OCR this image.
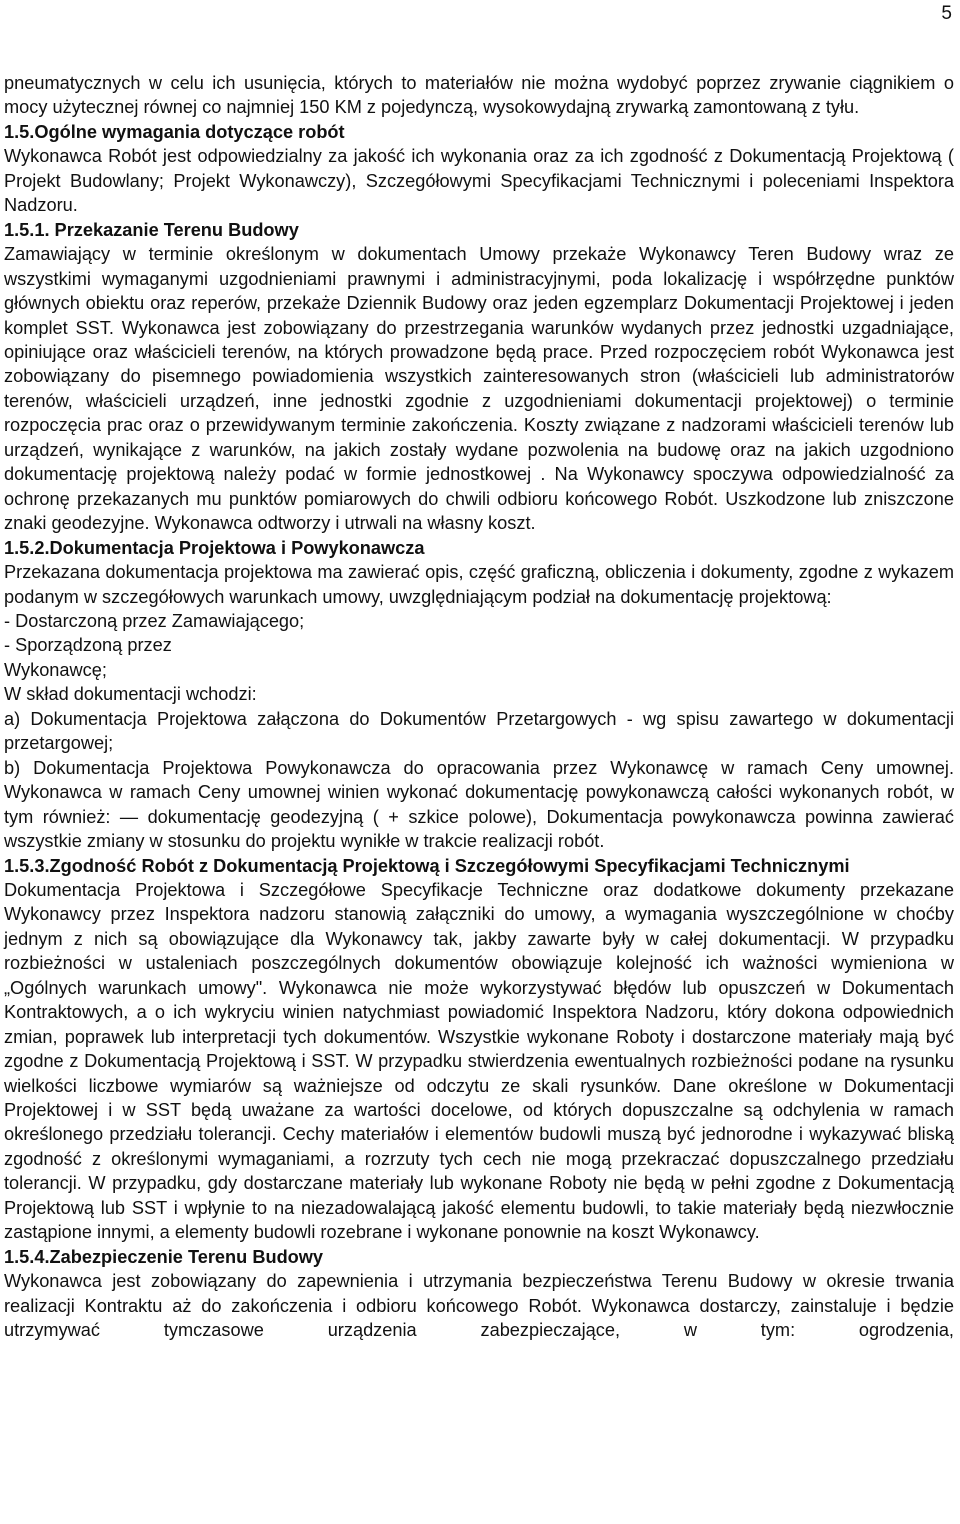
5

pneumatycznych w celu ich usunięcia, których to materiałów nie można wydobyć poprzez zrywanie ciągnikiem o mocy użytecznej równej co najmniej 150 KM z pojedynczą, wysokowydajną zrywarką zamontowaną z tyłu.

1.5.Ogólne wymagania dotyczące robót

Wykonawca Robót jest odpowiedzialny za jakość ich wykonania oraz za ich zgodność z Dokumentacją Projektową ( Projekt Budowlany; Projekt Wykonawczy), Szczegółowymi Specyfikacjami Technicznymi i poleceniami Inspektora Nadzoru.

1.5.1. Przekazanie Terenu Budowy

Zamawiający w terminie określonym w dokumentach Umowy przekaże Wykonawcy Teren Budowy wraz ze wszystkimi wymaganymi uzgodnieniami prawnymi i administracyjnymi, poda lokalizację i współrzędne punktów głównych obiektu oraz reperów, przekaże Dziennik Budowy oraz jeden egzemplarz Dokumentacji Projektowej i jeden komplet SST. Wykonawca jest zobowiązany do przestrzegania warunków wydanych przez jednostki uzgadniające, opiniujące oraz właścicieli terenów, na których prowadzone będą prace. Przed rozpoczęciem robót Wykonawca jest zobowiązany do pisemnego powiadomienia wszystkich zainteresowanych stron (właścicieli lub administratorów terenów, właścicieli urządzeń, inne jednostki zgodnie z uzgodnieniami dokumentacji projektowej) o terminie rozpoczęcia prac oraz o przewidywanym terminie zakończenia. Koszty związane z nadzorami właścicieli terenów lub urządzeń, wynikające z warunków, na jakich zostały wydane pozwolenia na budowę oraz na jakich uzgodniono dokumentację projektową należy podać w formie jednostkowej . Na Wykonawcy spoczywa odpowiedzialność za ochronę przekazanych mu punktów pomiarowych do chwili odbioru końcowego Robót. Uszkodzone lub zniszczone znaki geodezyjne. Wykonawca odtworzy i utrwali na własny koszt.

1.5.2.Dokumentacja Projektowa i Powykonawcza

Przekazana dokumentacja projektowa ma zawierać opis, część graficzną, obliczenia i dokumenty, zgodne z wykazem podanym w szczegółowych warunkach umowy, uwzględniającym podział na dokumentację projektową:

- Dostarczoną przez Zamawiającego;

- Sporządzoną przez

Wykonawcę;

W skład dokumentacji wchodzi:

a) Dokumentacja Projektowa załączona do Dokumentów Przetargowych - wg spisu zawartego w dokumentacji przetargowej;

b) Dokumentacja Projektowa Powykonawcza do opracowania przez Wykonawcę w ramach Ceny umownej. Wykonawca w ramach Ceny umownej winien wykonać dokumentację powykonawczą całości wykonanych robót, w tym również: — dokumentację geodezyjną ( + szkice polowe), Dokumentacja powykonawcza powinna zawierać wszystkie zmiany w stosunku do projektu wynikłe w trakcie realizacji robót.

1.5.3.Zgodność Robót z Dokumentacją Projektową i Szczegółowymi Specyfikacjami Technicznymi

Dokumentacja Projektowa i Szczegółowe Specyfikacje Techniczne oraz dodatkowe dokumenty przekazane Wykonawcy przez Inspektora nadzoru stanowią załączniki do umowy, a wymagania wyszczególnione w choćby jednym z nich są obowiązujące dla Wykonawcy tak, jakby zawarte były w całej dokumentacji. W przypadku rozbieżności w ustaleniach poszczególnych dokumentów obowiązuje kolejność ich ważności wymieniona w „Ogólnych warunkach umowy". Wykonawca nie może wykorzystywać błędów lub opuszczeń w Dokumentach Kontraktowych, a o ich wykryciu winien natychmiast powiadomić Inspektora Nadzoru, który dokona odpowiednich zmian, poprawek lub interpretacji tych dokumentów. Wszystkie wykonane Roboty i dostarczone materiały mają być zgodne z Dokumentacją Projektową i SST. W przypadku stwierdzenia ewentualnych rozbieżności podane na rysunku wielkości liczbowe wymiarów są ważniejsze od odczytu ze skali rysunków. Dane określone w Dokumentacji Projektowej i w SST będą uważane za wartości docelowe, od których dopuszczalne są odchylenia w ramach określonego przedziału tolerancji. Cechy materiałów i elementów budowli muszą być jednorodne i wykazywać bliską zgodność z określonymi wymaganiami, a rozrzuty tych cech nie mogą przekraczać dopuszczalnego przedziału tolerancji. W przypadku, gdy dostarczane materiały lub wykonane Roboty nie będą w pełni zgodne z Dokumentacją Projektową lub SST i wpłynie to na niezadowalającą jakość elementu budowli, to takie materiały będą niezwłocznie zastąpione innymi, a elementy budowli rozebrane i wykonane ponownie na koszt Wykonawcy.

1.5.4.Zabezpieczenie Terenu Budowy

Wykonawca jest zobowiązany do zapewnienia i utrzymania bezpieczeństwa Terenu Budowy w okresie trwania realizacji Kontraktu aż do zakończenia i odbioru końcowego Robót. Wykonawca dostarczy, zainstaluje i będzie utrzymywać tymczasowe urządzenia zabezpieczające, w tym: ogrodzenia,
